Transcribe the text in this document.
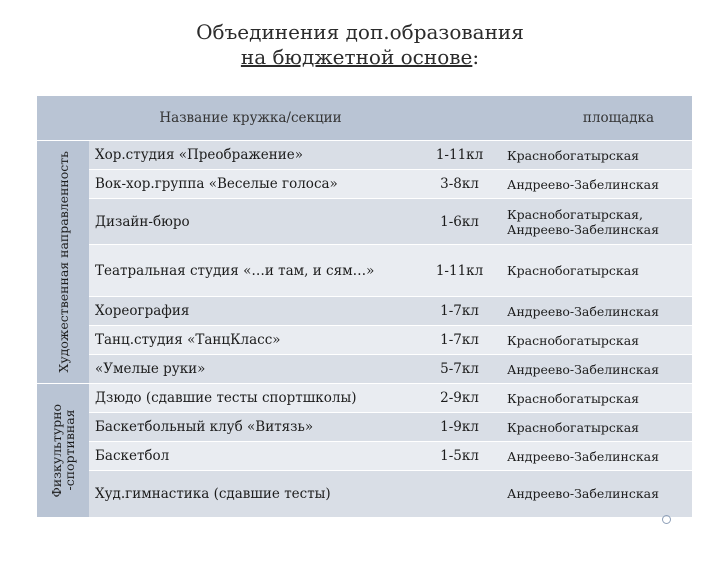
Объединения доп.образования
на бюджетной основе:
	Название кружка/секции		площадка

Художественная направленность	Хор.студия «Преображение»	1-11кл	Краснобогатырская
	Вок-хор.группа «Веселые голоса»	3-8кл	Андреево-Забелинская
	Дизайн-бюро	1-6кл	Краснобогатырская, Андреево-Забелинская
	Театральная студия «…и там, и сям…»	1-11кл	Краснобогатырская
	Хореография	1-7кл	Андреево-Забелинская
	Танц.студия «ТанцКласс»	1-7кл	Краснобогатырская
	«Умелые руки»	5-7кл	Андреево-Забелинская

Физкультурно -спортивная	Дзюдо (сдавшие тесты спортшколы)	2-9кл	Краснобогатырская
	Баскетбольный клуб «Витязь»	1-9кл	Краснобогатырская
	Баскетбол	1-5кл	Андреево-Забелинская
	Худ.гимнастика (сдавшие тесты)		Андреево-Забелинская
